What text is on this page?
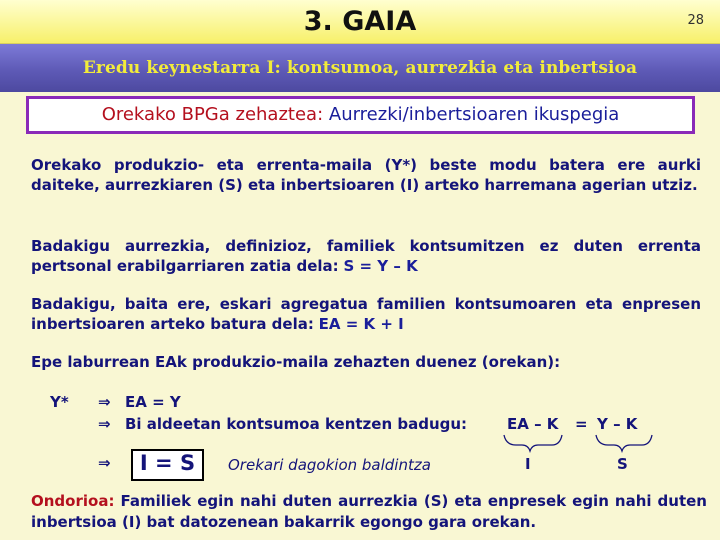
3. GAIA	28
Eredu keynestarra I: kontsumoa, aurrezkia eta inbertsioa
Orekako BPGa zehaztea: Aurrezki/inbertsioaren ikuspegia
Orekako produkzio- eta errenta-maila (Y*) beste modu batera ere aurki daiteke, aurrezkiaren (S) eta inbertsioaren (I) arteko harremana agerian utziz.
Badakigu aurrezkia, definizioz, familiek kontsumitzen ez duten errenta pertsonal erabilgarriaren zatia dela: S = Y – K
Badakigu, baita ere, eskari agregatua familien kontsumoaren eta enpresen inbertsioaren arteko batura dela: EA = K + I
Epe laburrean EAk produkzio-maila zehazten duenez (orekan):
Y* ⇒ EA = Y
⇒ Bi aldeetan kontsumoa kentzen badugu:	EA – K = Y – K
I	S
⇒	I = S	Orekari dagokion baldintza
Ondorioa: Familiek egin nahi duten aurrezkia (S) eta enpresek egin nahi duten inbertsioa (I) bat datozenean bakarrik egongo gara orekan.
